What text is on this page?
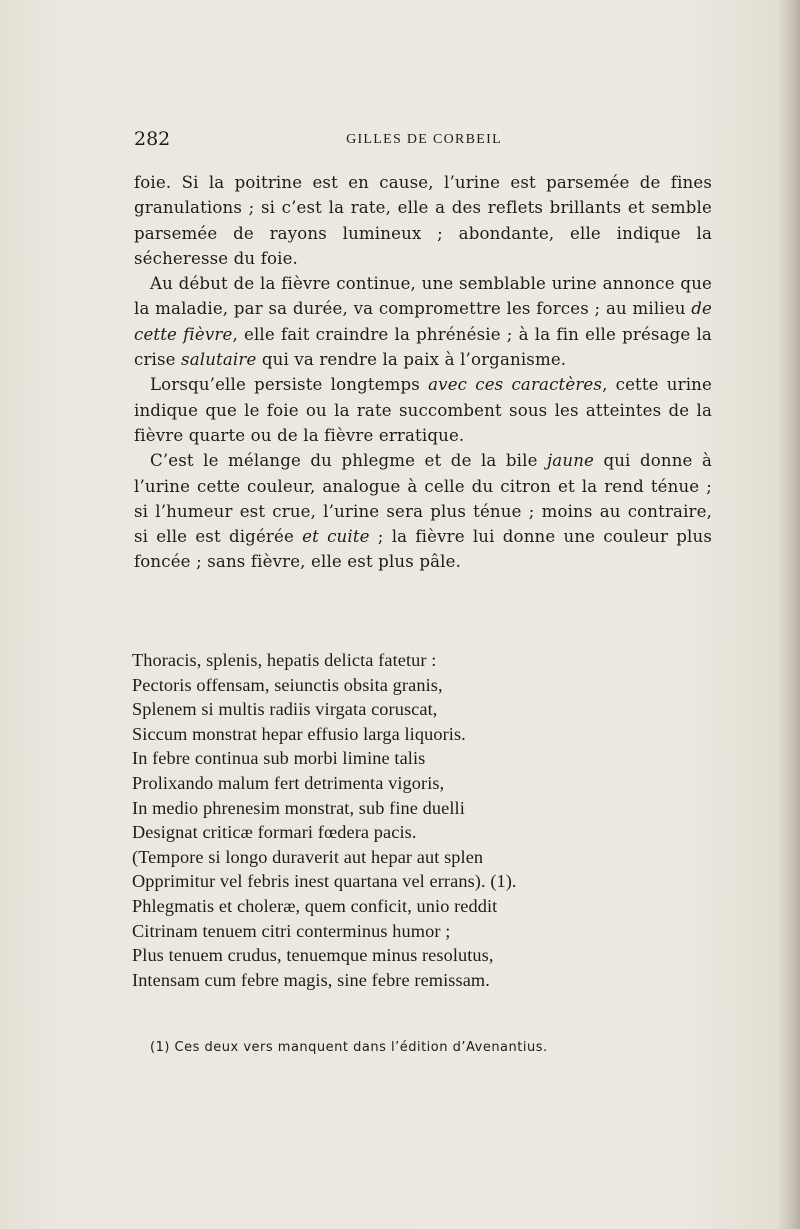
282	GILLES DE CORBEIL

foie. Si la poitrine est en cause, l’urine est parsemée de fines granulations ; si c’est la rate, elle a des reflets brillants et semble parsemée de rayons lumineux ; abondante, elle indique la sécheresse du foie.

Au début de la fièvre continue, une semblable urine annonce que la maladie, par sa durée, va compromettre les forces ; au milieu de cette fièvre, elle fait craindre la phrénésie ; à la fin elle présage la crise salutaire qui va rendre la paix à l’organisme.

Lorsqu’elle persiste longtemps avec ces caractères, cette urine indique que le foie ou la rate succombent sous les atteintes de la fièvre quarte ou de la fièvre erratique.

C’est le mélange du phlegme et de la bile jaune qui donne à l’urine cette couleur, analogue à celle du citron et la rend ténue ; si l’humeur est crue, l’urine sera plus ténue ; moins au contraire, si elle est digérée et cuite ; la fièvre lui donne une couleur plus foncée ; sans fièvre, elle est plus pâle.

Thoracis, splenis, hepatis delicta fatetur :
Pectoris offensam, seiunctis obsita granis,
Splenem si multis radiis virgata coruscat,
Siccum monstrat hepar effusio larga liquoris.
In febre continua sub morbi limine talis
Prolixando malum fert detrimenta vigoris,
In medio phrenesim monstrat, sub fine duelli
Designat criticæ formari fœdera pacis.
(Tempore si longo duraverit aut hepar aut splen
Opprimitur vel febris inest quartana vel errans). (1).
Phlegmatis et choleræ, quem conficit, unio reddit
Citrinam tenuem citri conterminus humor ;
Plus tenuem crudus, tenuemque minus resolutus,
Intensam cum febre magis, sine febre remissam.
(1) Ces deux vers manquent dans l’édition d’Avenantius.
